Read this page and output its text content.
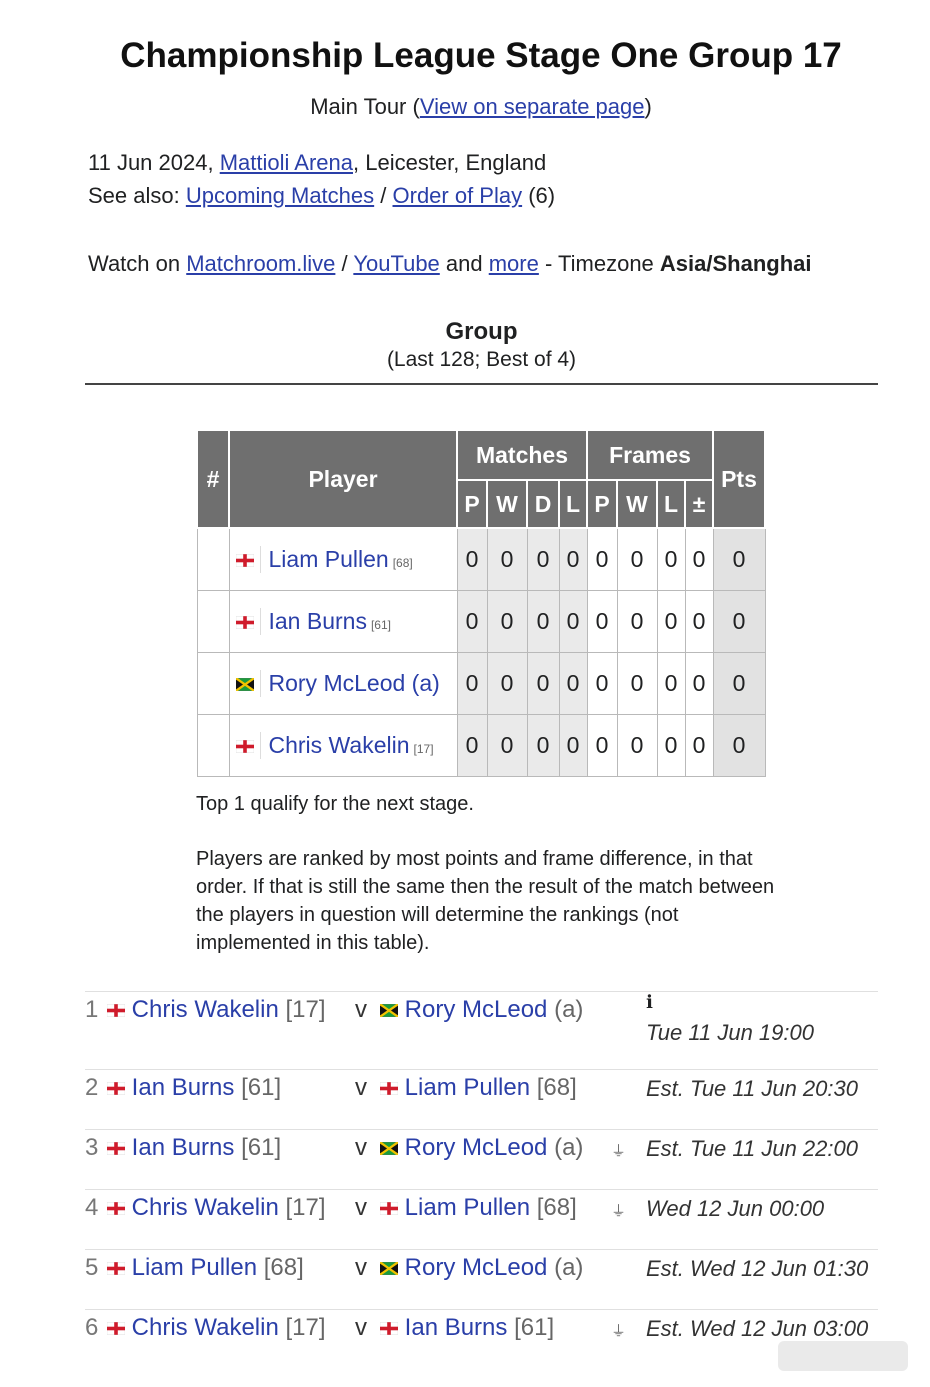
Championship League Stage One Group 17
Main Tour (View on separate page)
11 Jun 2024, Mattioli Arena, Leicester, England
See also: Upcoming Matches / Order of Play (6)
Watch on Matchroom.live / YouTube and more - Timezone Asia/Shanghai
Group
(Last 128; Best of 4)
#	Player	Matches				Frames				Pts
		P	W	D	L	P	W	L	±	
	Liam Pullen [68]	0	0	0	0	0	0	0	0	0
	Ian Burns [61]	0	0	0	0	0	0	0	0	0
	Rory McLeod (a)	0	0	0	0	0	0	0	0	0
	Chris Wakelin [17]	0	0	0	0	0	0	0	0	0
Top 1 qualify for the next stage.
Players are ranked by most points and frame difference, in that order. If that is still the same then the result of the match between the players in question will determine the rankings (not implemented in this table).
1	Chris Wakelin [17] v	Rory McLeod (a)	ℹ
Tue 11 Jun 19:00
2	Ian Burns [61]	v	Liam Pullen [68]	Est. Tue 11 Jun 20:30
3	Ian Burns [61]	v	Rory McLeod (a) ⏚ Est. Tue 11 Jun 22:00
4	Chris Wakelin [17] v	Liam Pullen [68] ⏚ Wed 12 Jun 00:00
5	Liam Pullen [68] v	Rory McLeod (a)	Est. Wed 12 Jun 01:30
6	Chris Wakelin [17] v	Ian Burns [61]	⏚ Est. Wed 12 Jun 03:00
